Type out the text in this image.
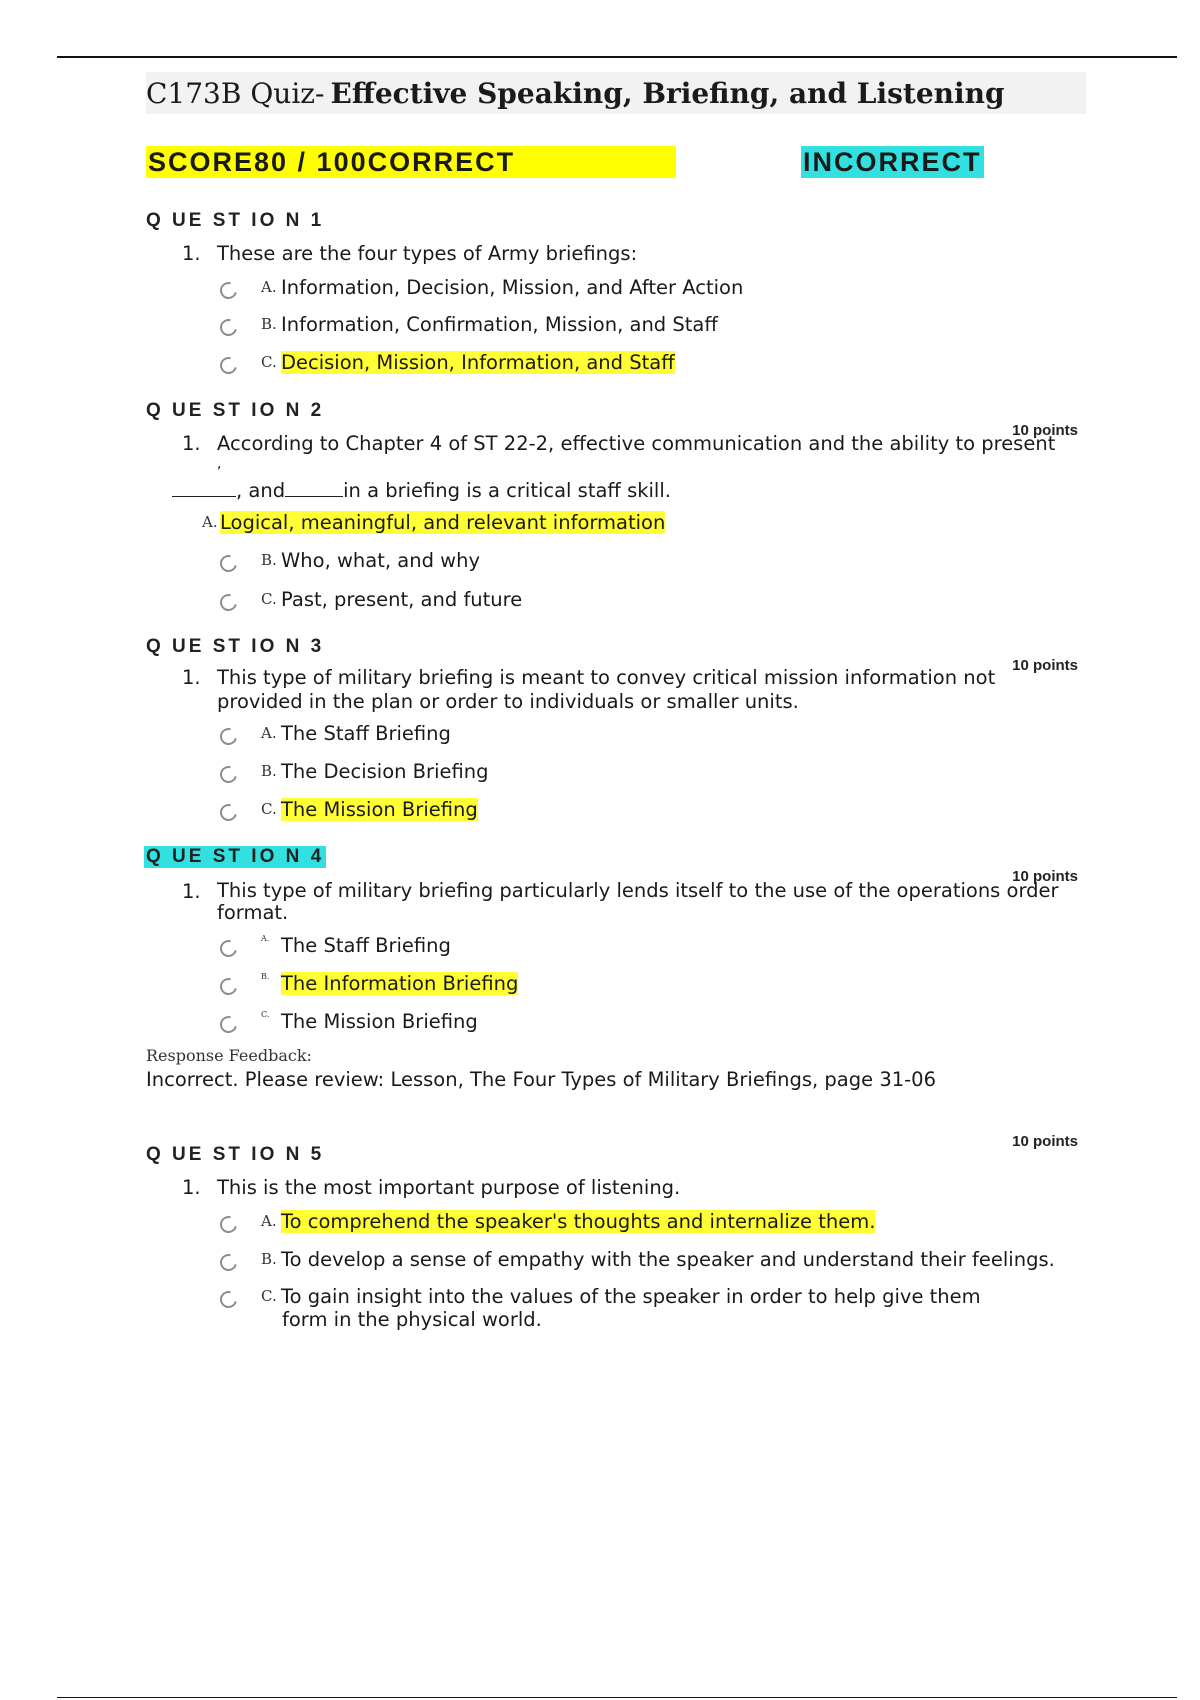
C173B Quiz- Effective Speaking, Briefing, and Listening
SCORE80 / 100CORRECT	INCORRECT
Q UE ST IO N 1
1. These are the four types of Army briefings:
A. Information, Decision, Mission, and After Action
B. Information, Confirmation, Mission, and Staff
C. Decision, Mission, Information, and Staff
Q UE ST IO N 2
10 points
1. According to Chapter 4 of ST 22-2, effective communication and the ability to present
,
, and	in a briefing is a critical staff skill.
A. Logical, meaningful, and relevant information
B. Who, what, and why
C. Past, present, and future
Q UE ST IO N 3
10 points
1. This type of military briefing is meant to convey critical mission information not provided in the plan or order to individuals or smaller units.
A. The Staff Briefing
B. The Decision Briefing
C. The Mission Briefing
Q UE ST IO N 4
10 points
1. This type of military briefing particularly lends itself to the use of the operations order format.
A. The Staff Briefing
B. The Information Briefing
C. The Mission Briefing
Response Feedback:
Incorrect. Please review: Lesson, The Four Types of Military Briefings, page 31-06
10 points
Q UE ST IO N 5
1. This is the most important purpose of listening.
A. To comprehend the speaker's thoughts and internalize them.
B. To develop a sense of empathy with the speaker and understand their feelings.
C. To gain insight into the values of the speaker in order to help give them
form in the physical world.
